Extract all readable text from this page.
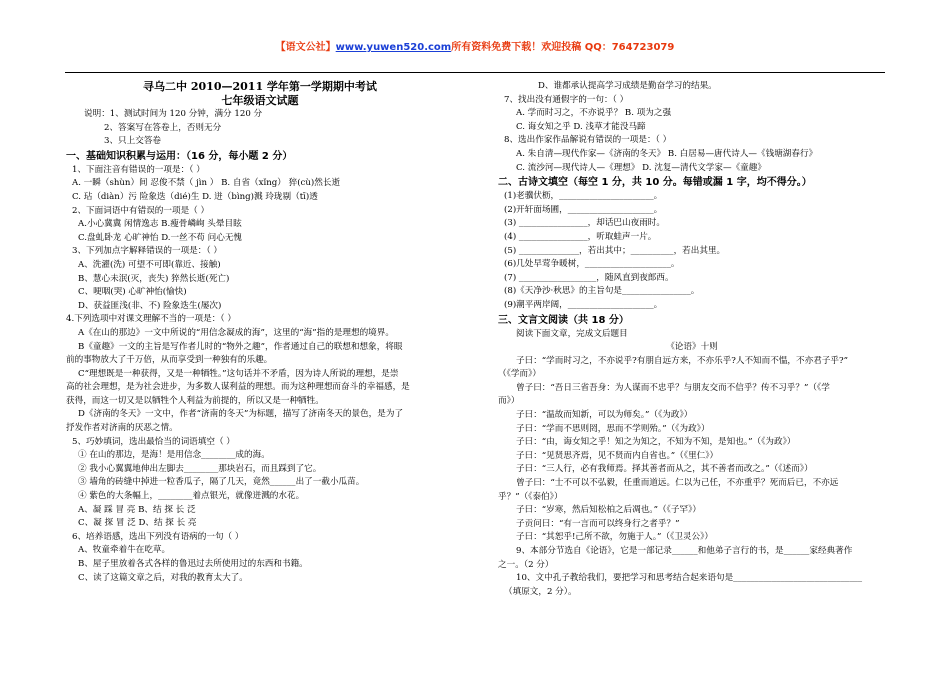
【语文公社】www.yuwen520.com所有资料免费下载！欢迎投稿 QQ：764723079

寻乌二中 2010—2011 学年第一学期期中考试

七年级语文试题

说明：1、测试时间为 120 分钟，满分 120 分

2、答案写在答卷上，否则无分

3、只上交答卷

一、基础知识积累与运用：（16 分，每小题 2 分）

1、下面注音有错误的一项是：（ ）

A. 一瞬（shùn）间 忍俊不禁（ jìn ） B. 自省（xǐng） 猝(cù)然长逝

C. 玷（diàn）污 险象迭（dié)生 D. 迸（bìng)溅 玲珑剔（tī)透

2、下面词语中有错误的一项是（ ）

A.小心冀冀 闲情逸志 B.瘦骨嶙峋 头晕目眩

C.盘虬卧龙 心旷神怡 D.一丝不苟 问心无愧

3、下列加点字解释错误的一项是：（ ）

A、洗濯(洗) 可望不可即(靠近、接触)

B、慧心未泯(灭，丧失) 猝然长逝(死亡)

C、哽咽(哭) 心旷神怡(愉快)

D、获益匪浅(非、不) 险象迭生(屡次)

4.下列选项中对课文理解不当的一项是：（ ）

A《在山的那边》一文中所说的“用信念凝成的海”，这里的“海”指的是理想的境界。

B《童趣》一文的主旨是写作者儿时的“物外之趣”，作者通过自己的联想和想象，将眼

前的事物放大了千万倍，从而享受到一种独有的乐趣。

C“理想既是一种获得，又是一种牺牲。”这句话并不矛盾，因为诗人所说的理想，是崇

高的社会理想，是为社会进步，为多数人谋利益的理想。而为这种理想而奋斗的幸福感，是

获得，而这一切又是以牺牲个人利益为前提的，所以又是一种牺牲。

D《济南的冬天》一文中，作者“济南的冬天”为标题，描写了济南冬天的景色，是为了

抒发作者对济南的厌恶之情。

5、巧妙填词，选出最恰当的词语填空（ ）

① 在山的那边，是海！是用信念________成的海。

② 我小心翼翼地伸出左脚去________那块岩石，而且踩到了它。

③ 墙角的砖缝中掉进一粒香瓜子，隔了几天，竟然______出了一截小瓜苗。

④ 紫色的大条幅上，________着点银光，就像迸溅的水花。

A、凝 踩 冒 亮 B、结 探 长 泛

C、凝 探 冒 泛 D、结 探 长 亮

6、培养语感，选出下列没有语病的一句（ ）

A、牧童牵着牛在吃草。

B、屋子里放着各式各样的鲁迅过去所使用过的东西和书籍。

C、读了这篇文章之后，对我的教育太大了。

D、谁都承认提高学习成绩是勤奋学习的结果。

7、找出没有通假字的一句：（ ）

A. 学而时习之，不亦说乎？ B. 项为之强

C. 诲女知之乎 D. 浅草才能没马蹄

8、选出作家作品解说有错误的一项是：（ ）

A. 朱自清—现代作家—《济南的冬天》 B. 白居易—唐代诗人—《钱塘湖春行》

C. 流沙河—现代诗人—《理想》 D. 沈复—清代文学家—《童趣》

二、古诗文填空（每空 1 分，共 10 分。每错或漏 1 字，均不得分。）

(1)老骥伏枥，______________________。

(2)开轩面场圃，____________________。

(3) ________________，却话巴山夜雨时。

(4) ________________，听取蛙声一片。

(5) ______________，若出其中；__________，若出其里。

(6)几处早莺争暖树，____________________。

(7) __________________，随风直到夜郎西。

(8)《天净沙·秋思》的主旨句是________________。

(9)潮平两岸阔，____________________。

三、文言文阅读（共 18 分）

阅读下面文章，完成文后题目

《论语》十则

子曰：“学而时习之，不亦说乎?有朋自远方来，不亦乐乎?人不知而不愠，不亦君子乎?”

（《学而》）

曾子曰：“吾日三省吾身：为人谋而不忠乎？与朋友交而不信乎？传不习乎？”（《学

而》）

子曰：“温故而知新，可以为师矣。”（《为政》）

子曰：“学而不思则罔，思而不学则殆。”（《为政》）

子曰：“由，诲女知之乎！知之为知之，不知为不知，是知也。”（《为政》）

子曰：“见贤思齐焉，见不贤而内自省也。”（《里仁》）

子曰：“三人行，必有我师焉。择其善者而从之，其不善者而改之。”（《述而》）

曾子曰：“士不可以不弘毅，任重而道远。仁以为己任，不亦重乎？死而后已，不亦远

乎？”（《泰伯》）

子曰：“岁寒，然后知松柏之后凋也。”（《子罕》）

子贡问曰：“有一言而可以终身行之者乎？”

子曰：“其恕乎!己所不欲，勿施于人。”（《卫灵公》）

9、本部分节选自《论语》，它是一部记录______和他弟子言行的书，是______家经典著作

之一。（2 分）

10、文中孔子教给我们，要把学习和思考结合起来语句是______________________________

（填原文，2 分）。
